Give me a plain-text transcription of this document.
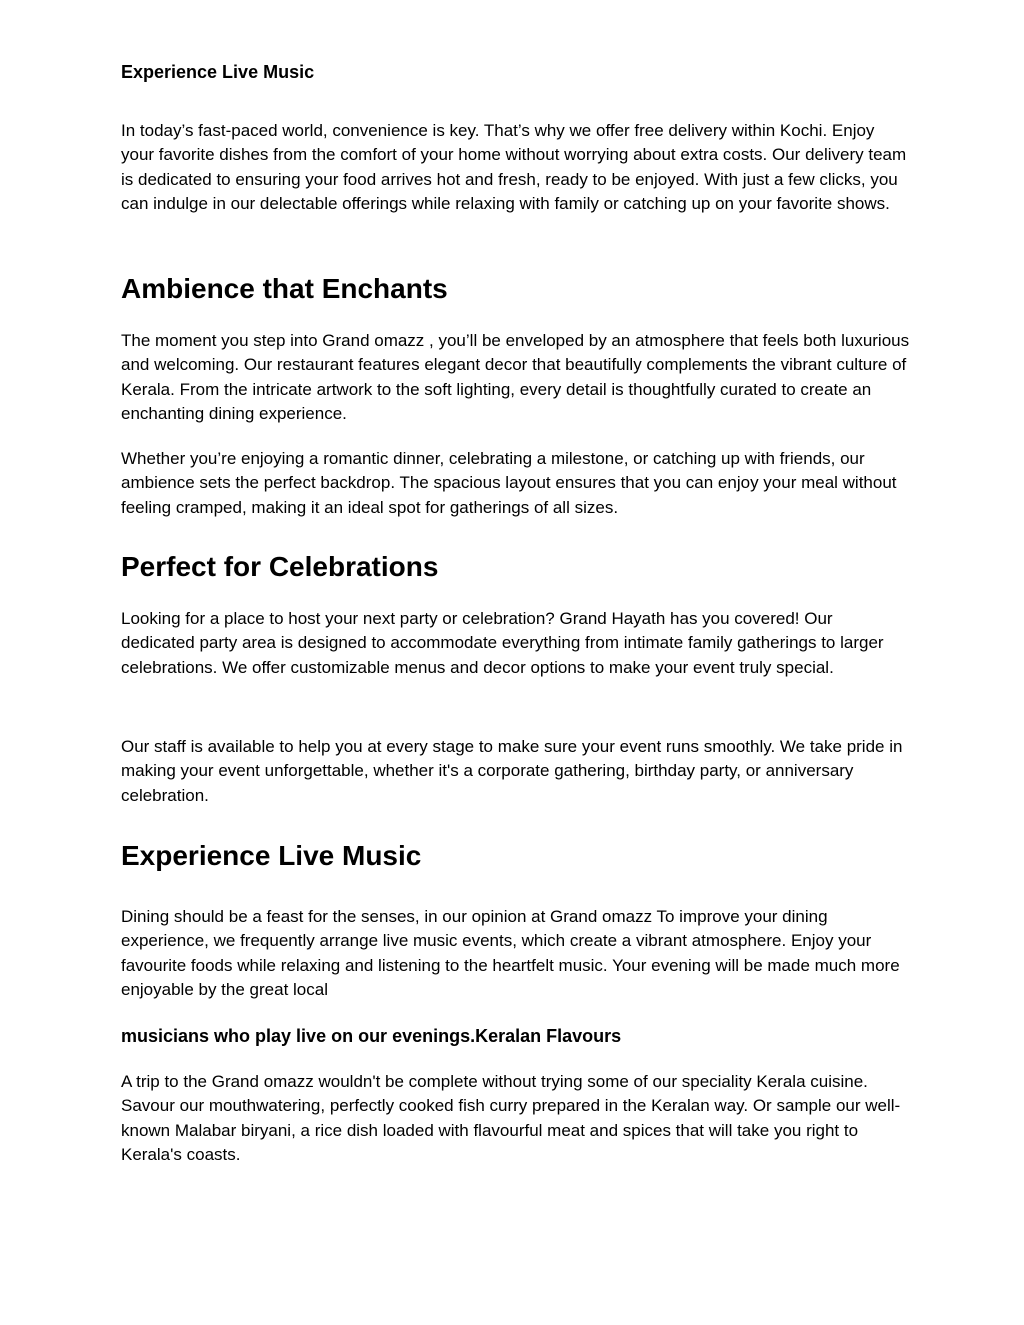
Experience Live Music

In today’s fast-paced world, convenience is key. That’s why we offer free delivery within Kochi. Enjoy your favorite dishes from the comfort of your home without worrying about extra costs. Our delivery team is dedicated to ensuring your food arrives hot and fresh, ready to be enjoyed. With just a few clicks, you can indulge in our delectable offerings while relaxing with family or catching up on your favorite shows.

Ambience that Enchants

The moment you step into Grand omazz , you’ll be enveloped by an atmosphere that feels both luxurious and welcoming. Our restaurant features elegant decor that beautifully complements the vibrant culture of Kerala. From the intricate artwork to the soft lighting, every detail is thoughtfully curated to create an enchanting dining experience.

Whether you’re enjoying a romantic dinner, celebrating a milestone, or catching up with friends, our ambience sets the perfect backdrop. The spacious layout ensures that you can enjoy your meal without feeling cramped, making it an ideal spot for gatherings of all sizes.

Perfect for Celebrations

Looking for a place to host your next party or celebration? Grand Hayath has you covered! Our dedicated party area is designed to accommodate everything from intimate family gatherings to larger celebrations. We offer customizable menus and decor options to make your event truly special.

Our staff is available to help you at every stage to make sure your event runs smoothly. We take pride in making your event unforgettable, whether it's a corporate gathering, birthday party, or anniversary celebration.

Experience Live Music

Dining should be a feast for the senses, in our opinion at Grand omazz To improve your dining experience, we frequently arrange live music events, which create a vibrant atmosphere. Enjoy your favourite foods while relaxing and listening to the heartfelt music. Your evening will be made much more enjoyable by the great local

musicians who play live on our evenings.Keralan Flavours

A trip to the Grand omazz wouldn't be complete without trying some of our speciality Kerala cuisine. Savour our mouthwatering, perfectly cooked fish curry prepared in the Keralan way. Or sample our well-known Malabar biryani, a rice dish loaded with flavourful meat and spices that will take you right to Kerala's coasts.
